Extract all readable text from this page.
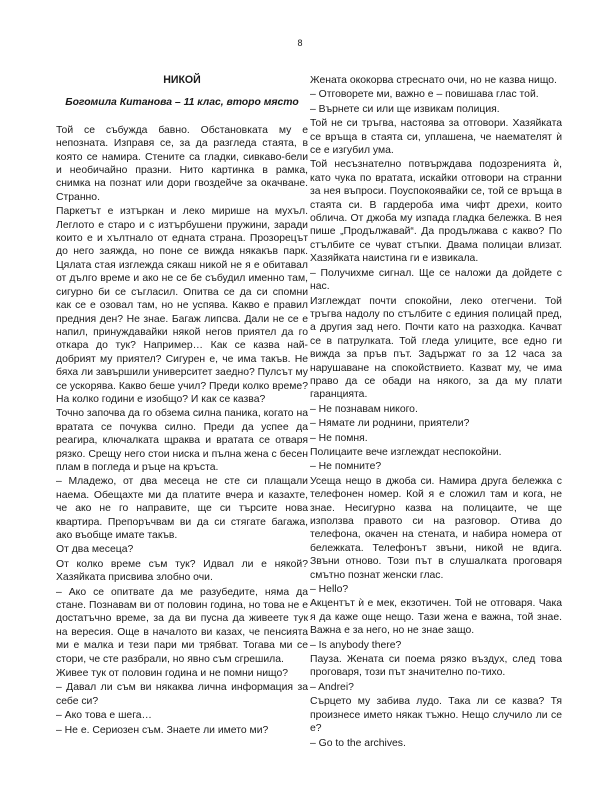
8
НИКОЙ
Богомила Китанова – 11 клас, второ място
Той се събужда бавно. Обстановката му е непозната. Изправя се, за да разгледа стаята, в която се намира. Стените са гладки, сивкаво-бели и необичайно празни. Нито картинка в рамка, снимка на познат или дори гвоздейче за окачване. Странно.
Паркетът е изтъркан и леко мирише на мухъл. Леглото е старо и с изтърбушени пружини, заради които е и хълтнало от едната страна. Прозорецът до него заяжда, но поне се вижда някакъв парк. Цялата стая изглежда сякаш никой не я е обитавал от дълго време и ако не се бе събудил именно там, сигурно би се съгласил. Опитва се да си спомни как се е озовал там, но не успява. Какво е правил предния ден? Не знае. Багаж липсва. Дали не се е напил, принуждавайки някой негов приятел да го откара до тук? Например… Как се казва най-добрият му приятел? Сигурен е, че има такъв. Не бяха ли завършили университет заедно? Пулсът му се ускорява. Какво беше учил? Преди колко време? На колко години е изобщо? И как се казва?
Точно започва да го обзема силна паника, когато на вратата се почуква силно. Преди да успее да реагира, ключалката щраква и вратата се отваря рязко. Срещу него стои ниска и пълна жена с бесен плам в погледа и ръце на кръста.
– Младежо, от два месеца не сте си плащали наема. Обещахте ми да платите вчера и казахте, че ако не го направите, ще си търсите нова квартира. Препоръчвам ви да си стягате багажа, ако въобще имате такъв.
От два месеца?
От колко време съм тук? Идвал ли е някой? Хазяйката присвива злобно очи.
– Ако се опитвате да ме разубедите, няма да стане. Познавам ви от половин година, но това не е достатъчно време, за да ви пусна да живеете тук на вересия. Още в началото ви казах, че пенсията ми е малка и тези пари ми трябват. Тогава ми се стори, че сте разбрали, но явно съм сгрешила.
Живее тук от половин година и не помни нищо?
– Давал ли съм ви някаква лична информация за себе си?
– Ако това е шега…
– Не е. Сериозен съм. Знаете ли името ми?
Жената ококорва стреснато очи, но не казва нищо.
– Отговорете ми, важно е – повишава глас той.
– Върнете си или ще извикам полиция.
Той не си тръгва, настоява за отговори. Хазяйката се връща в стаята си, уплашена, че наемателят ѝ се е изгубил ума.
Той несъзнателно потвърждава подозренията ѝ, като чука по вратата, искайки отговори на странни за нея въпроси. Поуспокоявайки се, той се връща в стаята си. В гардероба има чифт дрехи, които облича. От джоба му изпада гладка бележка. В нея пише „Продължавай“. Да продължава с какво? По стълбите се чуват стъпки. Двама полицаи влизат. Хазяйката наистина ги е извикала.
– Получихме сигнал. Ще се наложи да дойдете с нас.
Изглеждат почти спокойни, леко отегчени. Той тръгва надолу по стълбите с единия полицай пред, а другия зад него. Почти като на разходка. Качват се в патрулката. Той гледа улиците, все едно ги вижда за пръв път. Задържат го за 12 часа за нарушаване на спокойствието. Казват му, че има право да се обади на някого, за да му плати гаранцията.
– Не познавам никого.
– Нямате ли роднини, приятели?
– Не помня.
Полицаите вече изглеждат неспокойни.
– Не помните?
Усеща нещо в джоба си. Намира друга бележка с телефонен номер. Кой я е сложил там и кога, не знае. Несигурно казва на полицаите, че ще използва правото си на разговор. Отива до телефона, окачен на стената, и набира номера от бележката. Телефонът звъни, никой не вдига. Звъни отново. Този път в слушалката проговаря смътно познат женски глас.
– Hello?
Акцентът ѝ е мек, екзотичен. Той не отговаря. Чака я да каже още нещо. Тази жена е важна, той знае. Важна е за него, но не знае защо.
– Is anybody there?
Пауза. Жената си поема рязко въздух, след това проговаря, този път значително по-тихо.
– Andrei?
Сърцето му забива лудо. Така ли се казва? Тя произнесе името някак тъжно. Нещо случило ли се е?
– Go to the archives.
